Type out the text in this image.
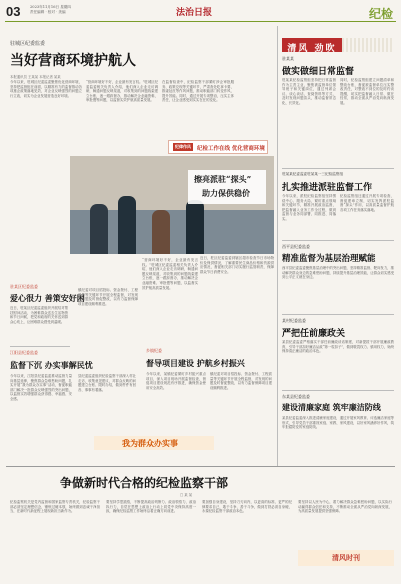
03	2023年11月16日 星期四
责任编辑 · 校对 · 美编	法治日报	纪检
驻城区纪委监委
当好营商环境护航人
本报通讯员 王某某 本报记者 某某
今年以来，驻城区纪委监委聚焦优化营商环境，坚持把监督挺在前面，以精准有力的监督推动各项惠企政策落地见效，对企业反映强烈的问题立行立改，切实为企业发展营造良好环境。
“营商环境好不好，企业最有发言权。”驻城区纪委监委相关负责人介绍，他们深入企业走访调研，畅通问题反映渠道，对收集到的问题线索建立台账，逐一跟踪督办，推动解决企业融资难、审批慢等问题，以监督实效护航高质量发展。
在监督检查中，纪检监察干部紧盯涉企审批服务、政策兑现等关键环节，严肃查处吃拿卡要、推诿扯皮等作风问题，推动职能部门转变作风、提升效能。同时，通过开展专项整治，压实主体责任，让企业感受到实实在在的变化。
纪律作风	纪检工作在线 优化营商环境
擦亮派驻“探头”
助力保供稳价
近日，驻区纪委监委到辖区超市检查节日市场物价及保供情况，了解重要民生商品价格和货源供应情况，督促相关部门切实履行监管职责，保障群众节日消费安全。
驻某区纪委监委
爱心很力 善策安好困
近日，驻某区纪委监委组织开展结对帮扶慰问活动，为困难群众送去生活物资和节日问候，把党和政府的关怀送到群众心坎上，让困难群众感受到温暖。
江阳县纪委监委
监督下沉 办实事解民忧
今年以来，江阳县纪委监委推动监督力量向基层延伸，聚焦群众急难愁盼问题，扎实开展“我为群众办实事”活动，督促职能部门解决一批群众反映强烈的突出问题，以监督实效增强群众获得感、幸福感、安全感。
县纪委监委组织纪检监察干部深入村社走访，收集意见建议，对群众反映的问题建立台账、限时办结，做到件件有回音、事事有着落。
镇纪委对项目招投标、资金拨付、工程质量等关键环节开展全程监督，对发现的问题及时督促整改，以有力监督保障项目建设顺利推进。
“营商环境好不好，企业最有发言权。”驻城区纪委监委相关负责人介绍，他们深入企业走访调研，畅通问题反映渠道，对收集到的问题线索建立台账，逐一跟踪督办，推动解决企业融资难、审批慢等问题，以监督实效护航高质量发展。
乡镇纪委
督导项目建设 护航乡村振兴
今年以来，某镇纪委紧盯乡村振兴重点项目，深入项目现场开展监督检查，督促项目建设规范有序推进，确保资金使用安全高效。
镇纪委对项目招投标、资金拨付、工程质量等关键环节开展全程监督，对发现的问题及时督促整改，以有力监督保障项目建设顺利推进。
我为群众办实事
清风 劲吹
驻某某
做实做细日常监督
驻某某纪检监察组坚持把日常监督作为主责主业，聚焦被监督单位领导班子和关键岗位，通过列席会议、谈心谈话、查阅资料等方式，及时发现问题苗头，推动监督常态化、长效化。
同时，纪检监察组建立问题清单和整改台账，督促被监督单位压实整改责任，对整改不到位的及时约谈提醒，切实把监督融入日常、做在经常，推动全面从严治党向纵深发展。
驻某某纪委监委驻某某一三纪检监察组
扎实推进派驻监督工作
今年以来，派驻纪检监察组坚持围绕中心、服务大局，紧盯重点领域和关键环节，精准开展政治监督，把监督融入业务工作全过程，做到监督与业务同部署、同推进、同落实。
纪检监察组还通过开展专项检查、督促建章立制，切实发挥派驻监督“探头”作用，以高质量监督护航各项工作任务落实落地。
西平县纪委监委
精准监督为基层治理赋能
西平县纪委监委聚焦基层治理中的突出问题，坚持精准监督、靶向发力，推动解决群众身边的急难愁盼问题，持续提升基层治理效能，让群众切实感受到公平正义就在身边。
某村纪委监委
严把任前廉政关
某县纪委监委严格落实干部任前廉政谈话制度，对新提拔干部开展廉政教育，引导干部扣好廉洁从政“第一粒扣子”，做到敬畏权力、慎用权力，始终保持清正廉洁的政治本色。
东某县纪委监委
建设清廉家庭 筑牢廉洁防线
某县纪委监委深入推进清廉家庭建设，通过开展家风教育、评选廉洁家庭等形式，引导党员干部重视家庭、家教、家风建设，以好家风涵养好作风，筑牢拒腐防变的家庭防线。
争做新时代合格的纪检监察干部
□ 某 某
纪检监察机关是党内监督和国家监察专责机关，纪检监察干部必须坚定理想信念，锤炼过硬本领，始终做到忠诚干净担当，在新时代新征程上展现新担当新作为。
要坚持学思践悟，不断提高政治判断力、政治领悟力、政治执行力，自觉在思想上政治上行动上同党中央保持高度一致，确保纪检监察工作始终沿着正确方向前进。
要加强自身建设，坚持刀刃向内，以更高的标准、更严的纪律要求自己，敢于斗争、善于斗争，做到打铁必须自身硬，永葆纪检监察干部政治本色。
要坚持以人民为中心，着力解决群众急难愁盼问题，以实际行动赢得群众信任和支持，不断推动全面从严治党向纵深发展，为高质量发展提供坚强保障。
清风时刊
